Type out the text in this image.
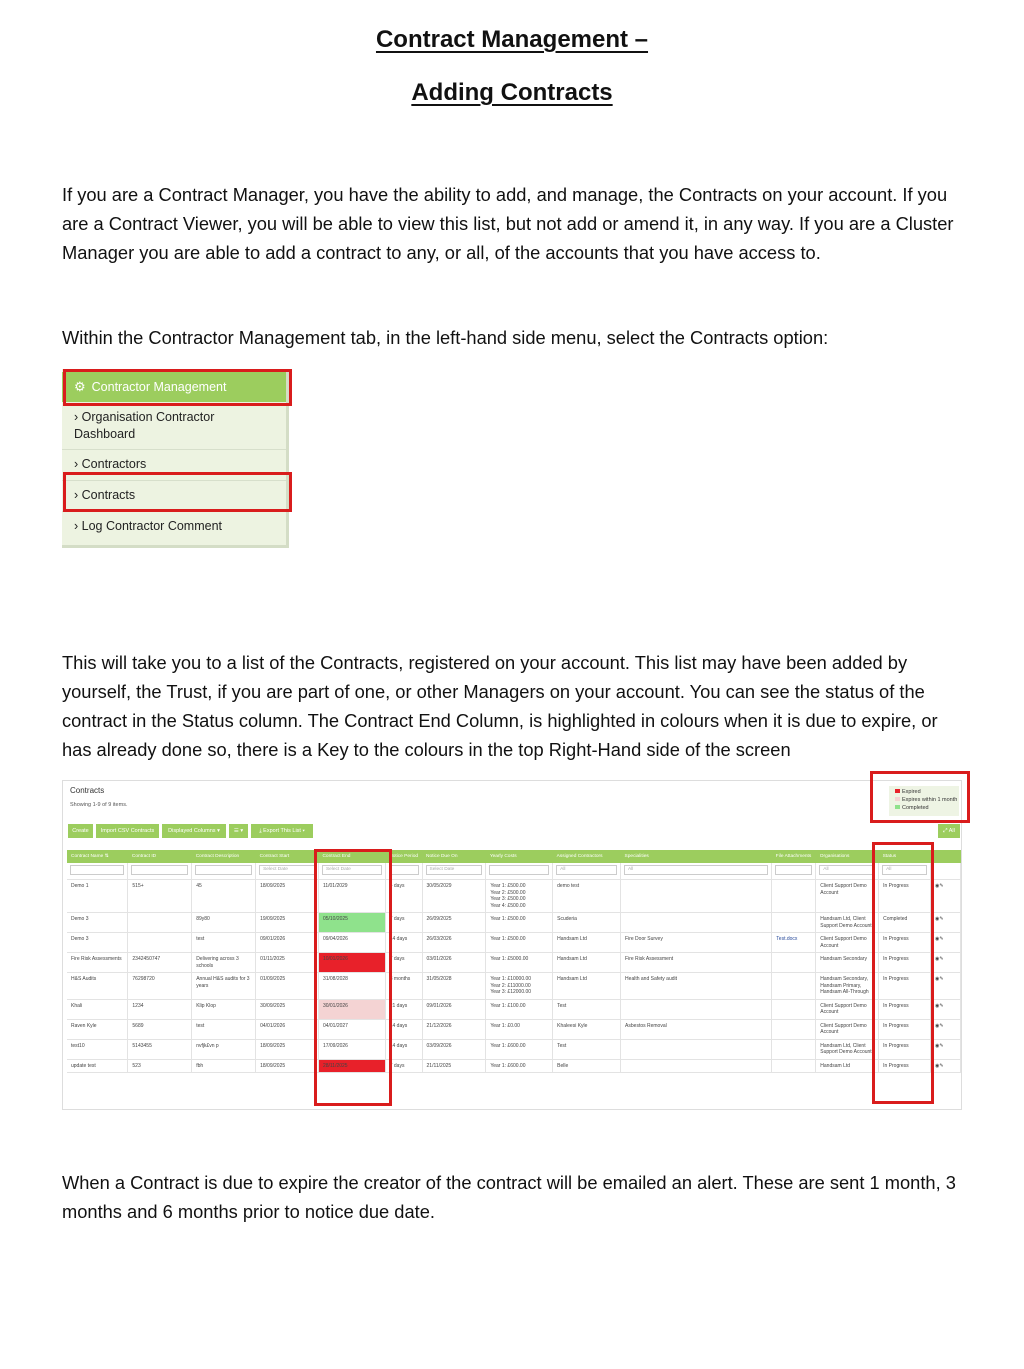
Contract Management –
Adding Contracts

If you are a Contract Manager, you have the ability to add, and manage, the Contracts on your account. If you are a Contract Viewer, you will be able to view this list, but not add or amend it, in any way. If you are a Cluster Manager you are able to add a contract to any, or all, of the accounts that you have access to.

Within the Contractor Management tab, in the left-hand side menu, select the Contracts option:

⚙ Contractor Management
› Organisation Contractor Dashboard
› Contractors
› Contracts
› Log Contractor Comment

This will take you to a list of the Contracts, registered on your account. This list may have been added by yourself, the Trust, if you are part of one, or other Managers on your account. You can see the status of the contract in the Status column. The Contract End Column, is highlighted in colours when it is due to expire, or has already done so, there is a Key to the colours in the top Right-Hand side of the screen

Contracts
Showing 1-9 of 9 items.
Create	Import CSV Contracts	Displayed Columns ▾	☰ ▾	⤓ Export This List ▾	⤢ All
Expired
Expires within 1 month
Completed
Contract Name ⇅	Contract ID	Contract Description	Contract Start	Contract End	Notice Period	Notice Due On	Yearly Costs	Assigned Contractors	Specialities	File Attachments	Organisations	Status	

			Select Date	Select Date		Select Date		All	All		All	All	

Demo 1	515+	45	18/09/2025	11/01/2029	4 days	30/05/2029	Year 1: £500.00
Year 2: £500.00
Year 3: £500.00
Year 4: £500.00	demo test			Client Support Demo Account	In Progress	◉✎
Demo 3		89y80	19/09/2025	05/10/2025	7 days	26/09/2025	Year 1: £500.00	Scuderia			Handsam Ltd, Client Support Demo Account	Completed	◉✎
Demo 3		test	09/01/2026	09/04/2026	14 days	26/03/2026	Year 1: £500.00	Handsam Ltd	Fire Door Survey	Test.docx	Client Support Demo Account	In Progress	◉✎
Fire Risk Assessments	2342450747	Delivering across 3 schools	01/11/2025	10/01/2026	7 days	03/01/2026	Year 1: £5000.00	Handsam Ltd	Fire Risk Assessment		Handsam Secondary	In Progress	◉✎
H&S Audits	76298720	Annual H&S audits for 3 years	01/09/2025	31/08/2028	3 months	31/05/2028	Year 1: £10000.00
Year 2: £11000.00
Year 3: £12000.00	Handsam Ltd	Health and Safety audit		Handsam Secondary, Handsam Primary, Handsam All-Through	In Progress	◉✎
Khali	1234	Klip Klop	30/09/2025	30/01/2026	21 days	09/01/2026	Year 1: £100.00	Test			Client Support Demo Account	In Progress	◉✎
Raven Kyle	5689	test	04/01/2026	04/01/2027	14 days	21/12/2026	Year 1: £0.00	Khaleesi Kyle	Asbestos Removal		Client Support Demo Account	In Progress	◉✎
test10	5143455	nvfjk£vn p	18/09/2025	17/09/2026	14 days	03/09/2026	Year 1: £600.00	Test			Handsam Ltd, Client Support Demo Account	In Progress	◉✎
update test	523	fbh	18/09/2025	28/11/2025	7 days	21/11/2025	Year 1: £600.00	Belle			Handsam Ltd	In Progress	◉✎

When a Contract is due to expire the creator of the contract will be emailed an alert. These are sent 1 month, 3 months and 6 months prior to notice due date.
